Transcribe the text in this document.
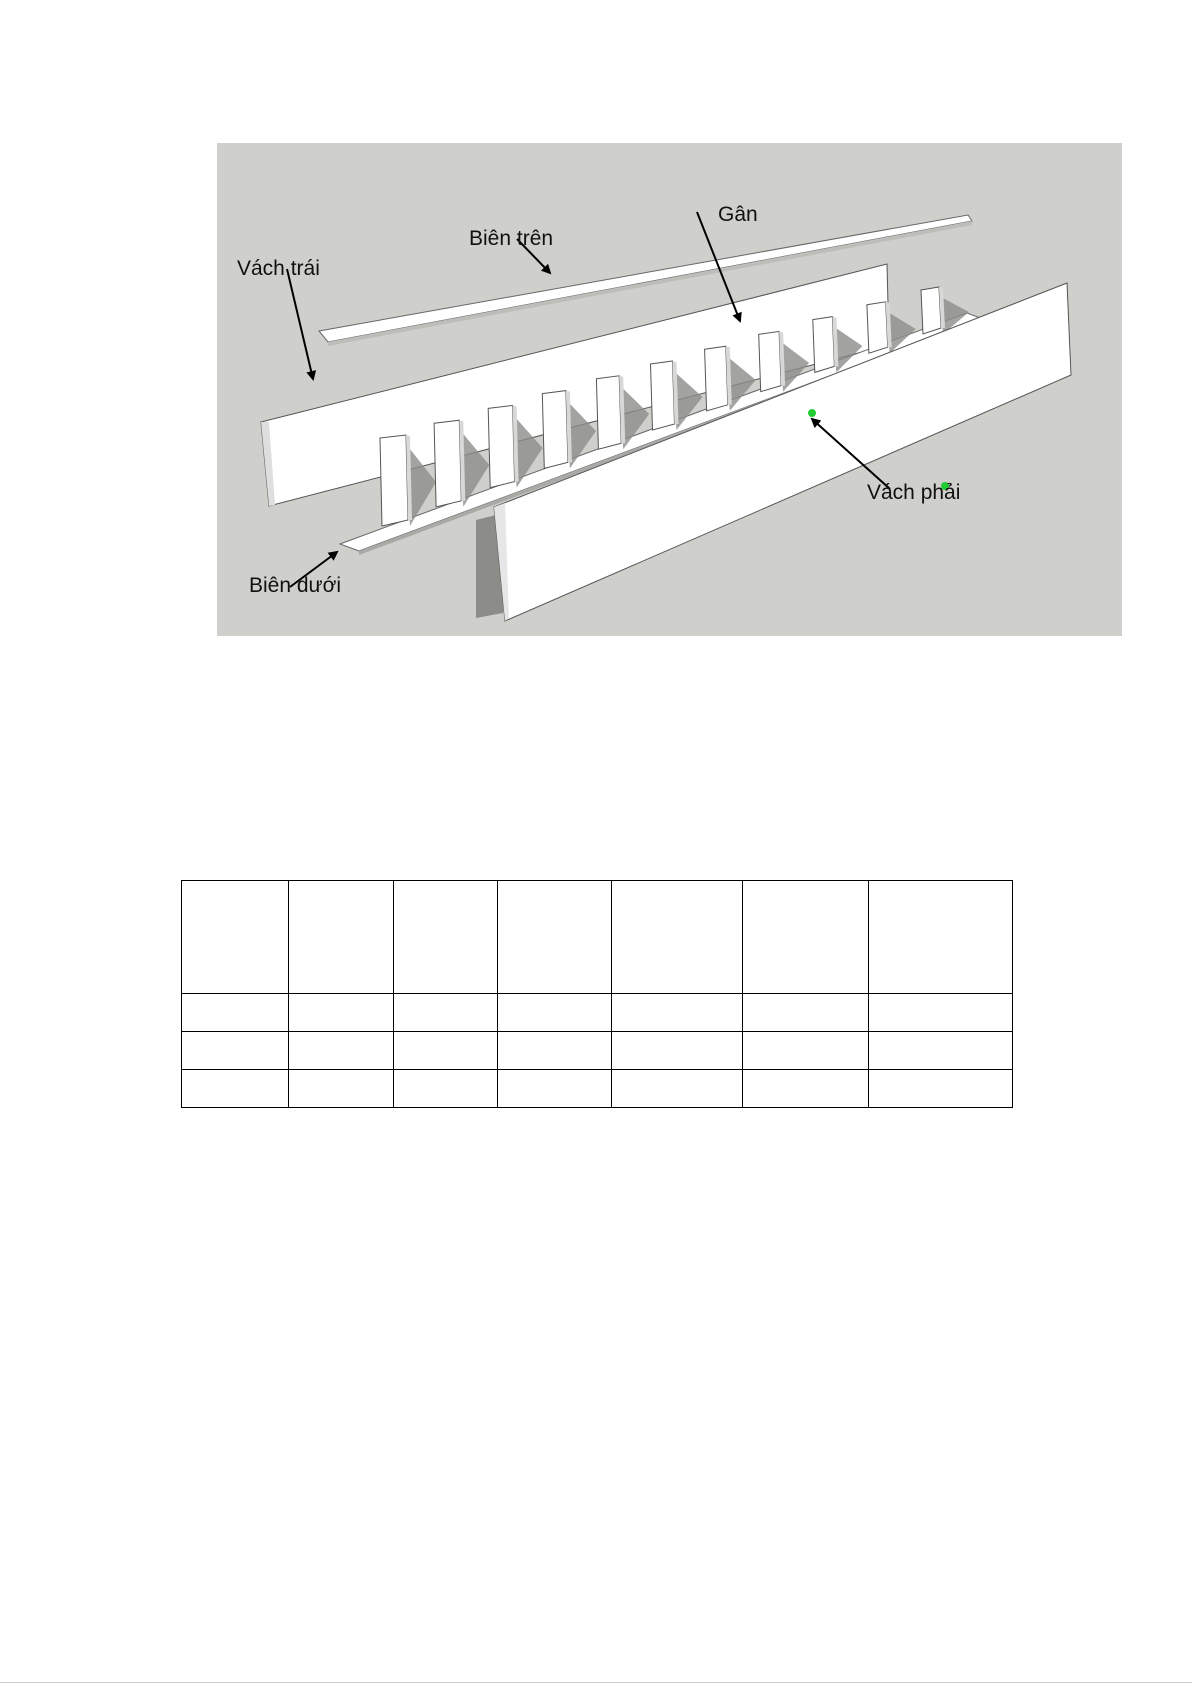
Biên trên
Vách trái
Gân
Vách phải
Biên dưới
